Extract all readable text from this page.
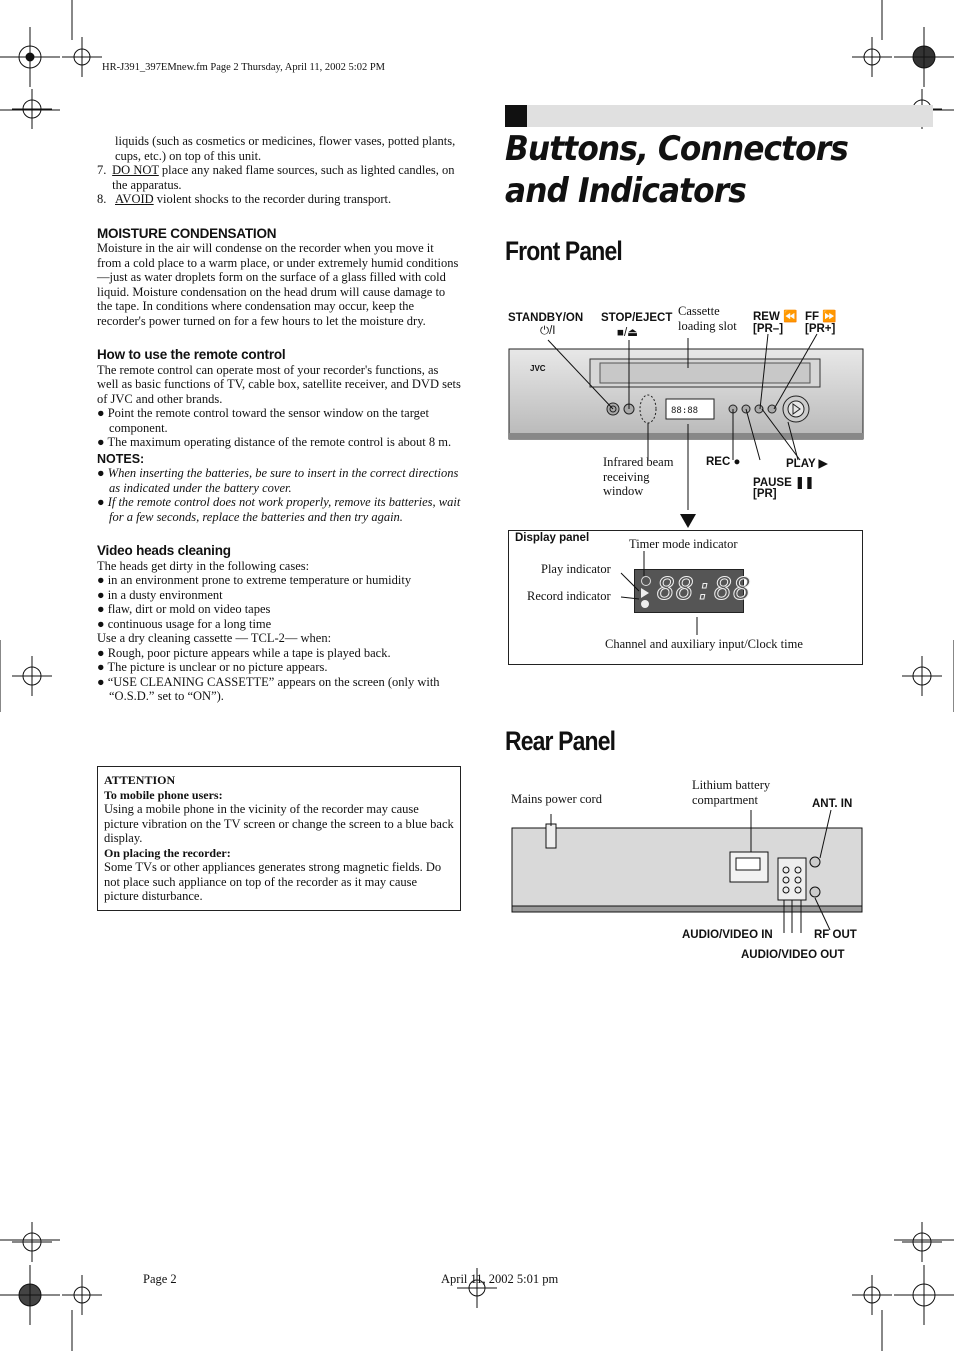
HR-J391_397EMnew.fm Page 2 Thursday, April 11, 2002 5:02 PM

liquids (such as cosmetics or medicines, flower vases, potted plants, cups, etc.) on top of this unit.

7. DO NOT place any naked flame sources, such as lighted candles, on the apparatus.
8. AVOID violent shocks to the recorder during transport.
MOISTURE CONDENSATION

Moisture in the air will condense on the recorder when you move it from a cold place to a warm place, or under extremely humid conditions—just as water droplets form on the surface of a glass filled with cold liquid. Moisture condensation on the head drum will cause damage to the tape. In conditions where condensation may occur, keep the recorder's power turned on for a few hours to let the moisture dry.

How to use the remote control

The remote control can operate most of your recorder's functions, as well as basic functions of TV, cable box, satellite receiver, and DVD sets of JVC and other brands.

● Point the remote control toward the sensor window on the target component.

● The maximum operating distance of the remote control is about 8 m.

NOTES:

● When inserting the batteries, be sure to insert in the correct directions as indicated under the battery cover.

● If the remote control does not work properly, remove its batteries, wait for a few seconds, replace the batteries and then try again.

Video heads cleaning

The heads get dirty in the following cases:

● in an environment prone to extreme temperature or humidity

● in a dusty environment

● flaw, dirt or mold on video tapes

● continuous usage for a long time

Use a dry cleaning cassette — TCL-2— when:

● Rough, poor picture appears while a tape is played back.

● The picture is unclear or no picture appears.

● “USE CLEANING CASSETTE” appears on the screen (only with “O.S.D.” set to “ON”).

ATTENTION
To mobile phone users:

Using a mobile phone in the vicinity of the recorder may cause picture vibration on the TV screen or change the screen to a blue back display.

On placing the recorder:

Some TVs or other appliances generates strong magnetic fields. Do not place such appliance on top of the recorder as it may cause picture disturbance.

Buttons, Connectors
and Indicators
Front Panel
STANDBY/ON
⏻/I
STOP/EJECT
■/⏏
Cassette
loading slot
REW ⏪
[PR–]
FF ⏩
[PR+]
JVC
88:88
Infrared beam
receiving
window
REC ●
PAUSE ❚❚
[PR]
PLAY ▶
Display panel	Timer mode indicator
Play indicator
Record indicator
Channel and auxiliary input/Clock time
88:88
Rear Panel
Mains power cord
Lithium battery
compartment	ANT. IN
AUDIO/VIDEO IN	RF OUT
AUDIO/VIDEO OUT
Page 2	April 11, 2002 5:01 pm
